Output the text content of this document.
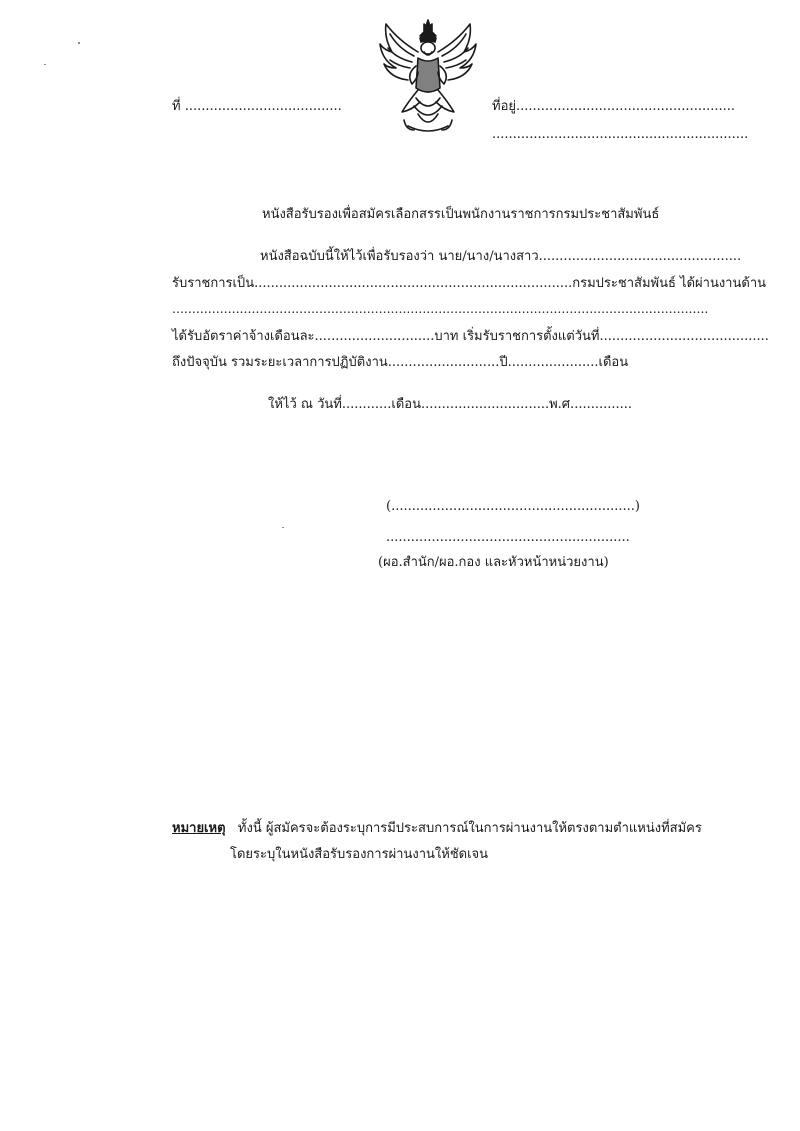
ที่ ......................................	ที่อยู่.....................................................
..............................................................
หนังสือรับรองเพื่อสมัครเลือกสรรเป็นพนักงานราชการกรมประชาสัมพันธ์
หนังสือฉบับนี้ให้ไว้เพื่อรับรองว่า นาย/นาง/นางสาว.................................................
รับราชการเป็น.............................................................................กรมประชาสัมพันธ์ ได้ผ่านงานด้าน
.......................................................................................................................................
ได้รับอัตราค่าจ้างเดือนละ.............................บาท เริ่มรับราชการตั้งแต่วันที่.........................................
ถึงปัจจุบัน รวมระยะเวลาการปฏิบัติงาน...........................ปี......................เดือน
ให้ไว้ ณ วันที่............เดือน...............................พ.ศ...............
(...........................................................)
...........................................................
(ผอ.สำนัก/ผอ.กอง และหัวหน้าหน่วยงาน)
หมายเหตุ ทั้งนี้ ผู้สมัครจะต้องระบุการมีประสบการณ์ในการผ่านงานให้ตรงตามตำแหน่งที่สมัคร
โดยระบุในหนังสือรับรองการผ่านงานให้ชัดเจน
